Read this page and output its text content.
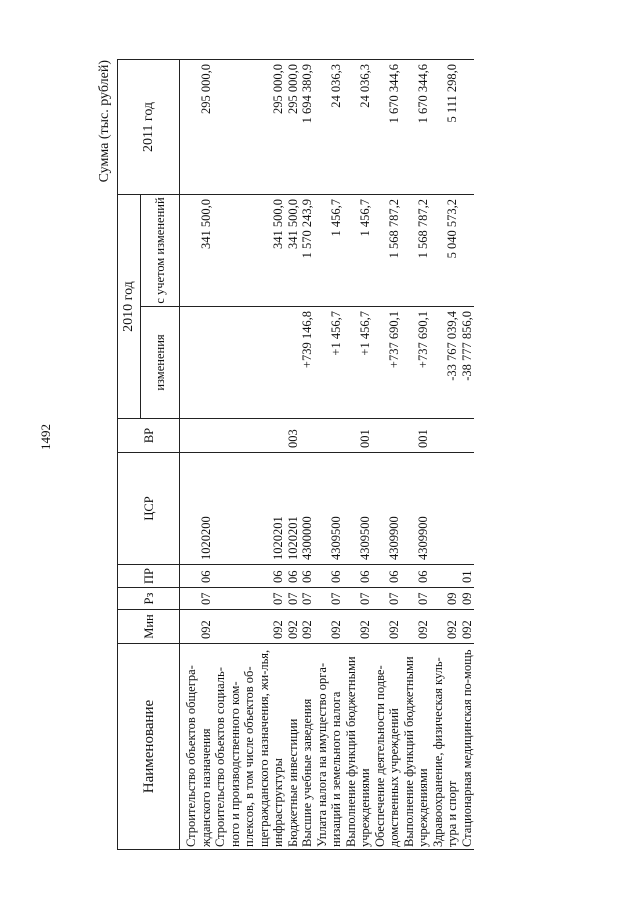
1492
Сумма (тыс. рублей)
Наименование	Мин	Рз	ПР	ЦСР	ВР	2010 год		2011 год
						изменения	с учетом изменений	
Строительство объектов общегра-жданского назначения	092	07	06	1020200			341 500,0	295 000,0
Строительство объектов социаль-ного и производственного ком-плексов, в том числе объектов об-щегражданского назначения, жи-лья, инфраструктуры	092	07	06	1020201			341 500,0	295 000,0
Бюджетные инвестиции	092	07	06	1020201	003		341 500,0	295 000,0
Высшие учебные заведения	092	07	06	4300000		+739 146,8	1 570 243,9	1 694 380,9
Уплата налога на имущество орга-низаций и земельного налога	092	07	06	4309500		+1 456,7	1 456,7	24 036,3
Выполнение функций бюджетными учреждениями	092	07	06	4309500	001	+1 456,7	1 456,7	24 036,3
Обеспечение деятельности подве-домственных учреждений	092	07	06	4309900		+737 690,1	1 568 787,2	1 670 344,6
Выполнение функций бюджетными учреждениями	092	07	06	4309900	001	+737 690,1	1 568 787,2	1 670 344,6
Здравоохранение, физическая куль-тура и спорт	092	09				-33 767 039,4	5 040 573,2	5 111 298,0
Стационарная медицинская по-мощь	092	09	01			-38 777 856,0		
